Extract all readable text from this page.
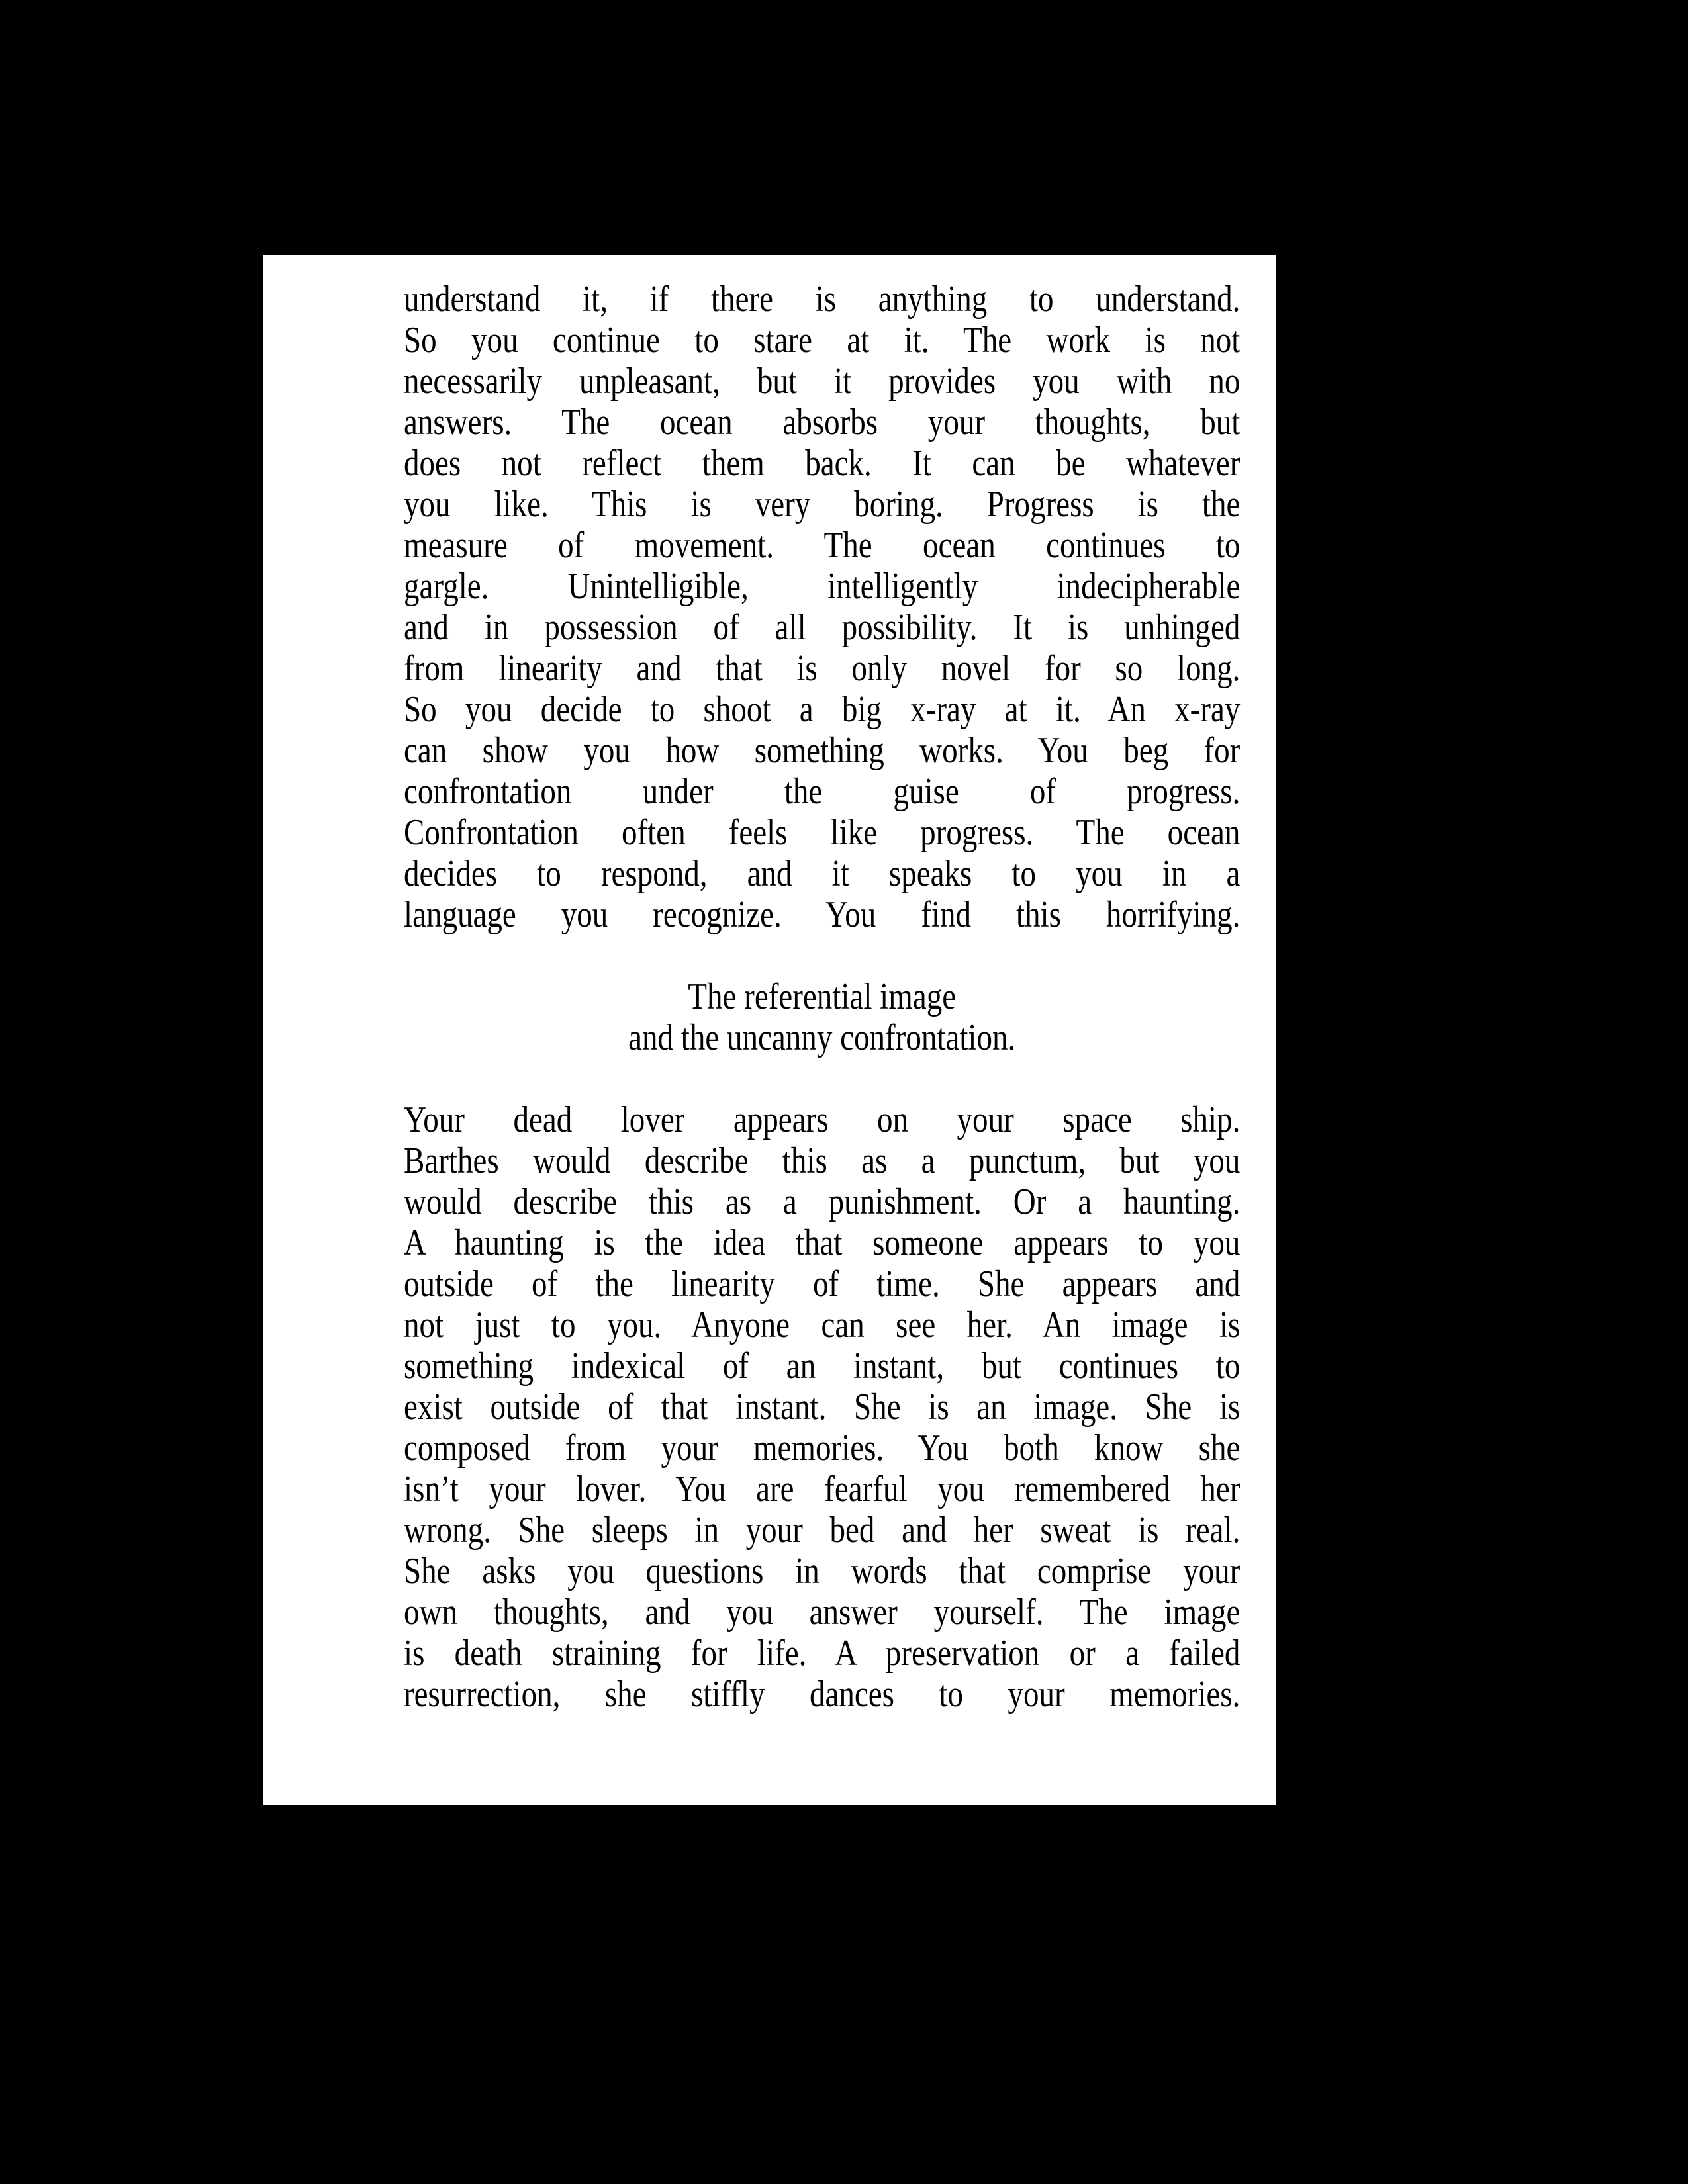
understand it, if there is anything to understand.
So you continue to stare at it. The work is not
necessarily unpleasant, but it provides you with no
answers. The ocean absorbs your thoughts, but
does not reflect them back. It can be whatever
you like. This is very boring. Progress is the
measure of movement. The ocean continues to
gargle. Unintelligible, intelligently indecipherable
and in possession of all possibility. It is unhinged
from linearity and that is only novel for so long.
So you decide to shoot a big x-ray at it. An x-ray
can show you how something works. You beg for
confrontation under the guise of progress.
Confrontation often feels like progress. The ocean
decides to respond, and it speaks to you in a
language you recognize. You find this horrifying.
The referential image
and the uncanny confrontation.
Your dead lover appears on your space ship.
Barthes would describe this as a punctum, but you
would describe this as a punishment. Or a haunting.
A haunting is the idea that someone appears to you
outside of the linearity of time. She appears and
not just to you. Anyone can see her. An image is
something indexical of an instant, but continues to
exist outside of that instant. She is an image. She is
composed from your memories. You both know she
isn’t your lover. You are fearful you remembered her
wrong. She sleeps in your bed and her sweat is real.
She asks you questions in words that comprise your
own thoughts, and you answer yourself. The image
is death straining for life. A preservation or a failed
resurrection, she stiffly dances to your memories.
